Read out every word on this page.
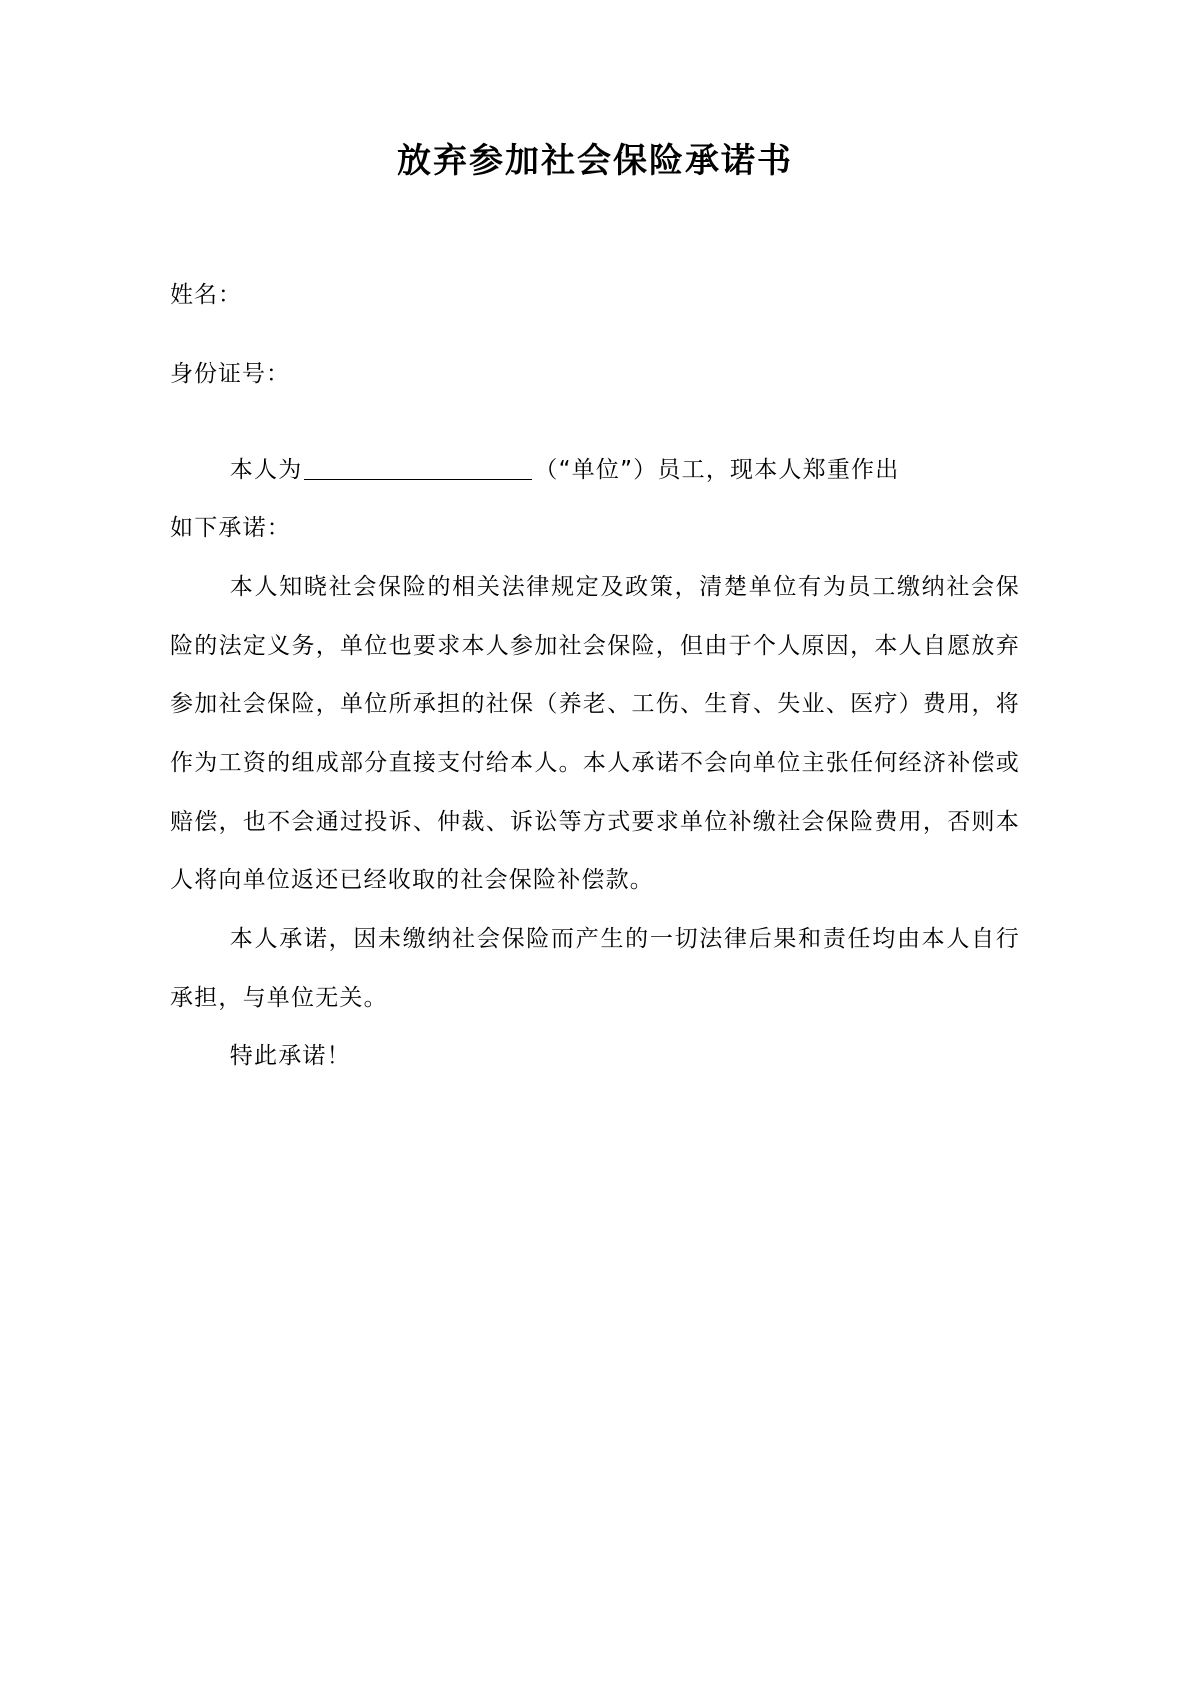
放弃参加社会保险承诺书
姓名：
身份证号：

本人为	（“单位”）员工，现本人郑重作出

如下承诺：

本人知晓社会保险的相关法律规定及政策，清楚单位有为员工缴纳社会保险的法定义务，单位也要求本人参加社会保险，但由于个人原因，本人自愿放弃参加社会保险，单位所承担的社保（养老、工伤、生育、失业、医疗）费用，将作为工资的组成部分直接支付给本人。本人承诺不会向单位主张任何经济补偿或赔偿，也不会通过投诉、仲裁、诉讼等方式要求单位补缴社会保险费用，否则本人将向单位返还已经收取的社会保险补偿款。

本人承诺，因未缴纳社会保险而产生的一切法律后果和责任均由本人自行承担，与单位无关。

特此承诺！
